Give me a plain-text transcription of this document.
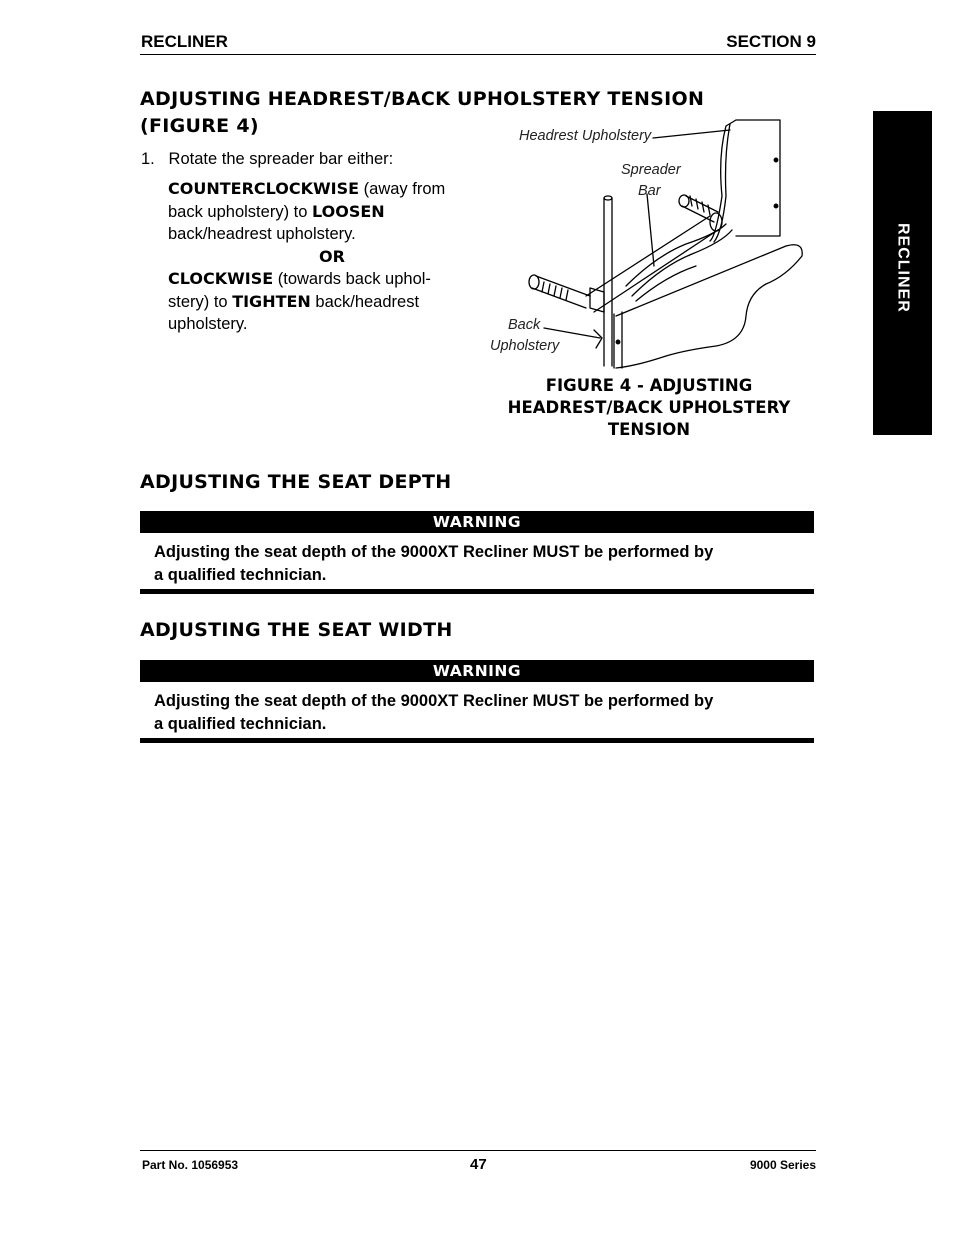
RECLINER	SECTION 9
RECLINER
ADJUSTING HEADREST/BACK UPHOLSTERY TENSION
(FIGURE 4)
1. Rotate the spreader bar either:
COUNTERCLOCKWISE (away from back upholstery) to LOOSEN back/headrest upholstery.
OR
CLOCKWISE (towards back uphol-stery) to TIGHTEN back/headrest upholstery.
Headrest Upholstery
Spreader
Bar
Back
Upholstery
FIGURE 4 - ADJUSTING
HEADREST/BACK UPHOLSTERY
TENSION
ADJUSTING THE SEAT DEPTH
WARNING
Adjusting the seat depth of the 9000XT Recliner MUST be performed by
a qualified technician.
ADJUSTING THE SEAT WIDTH
WARNING
Adjusting the seat depth of the 9000XT Recliner MUST be performed by
a qualified technician.
Part No. 1056953	47	9000 Series
